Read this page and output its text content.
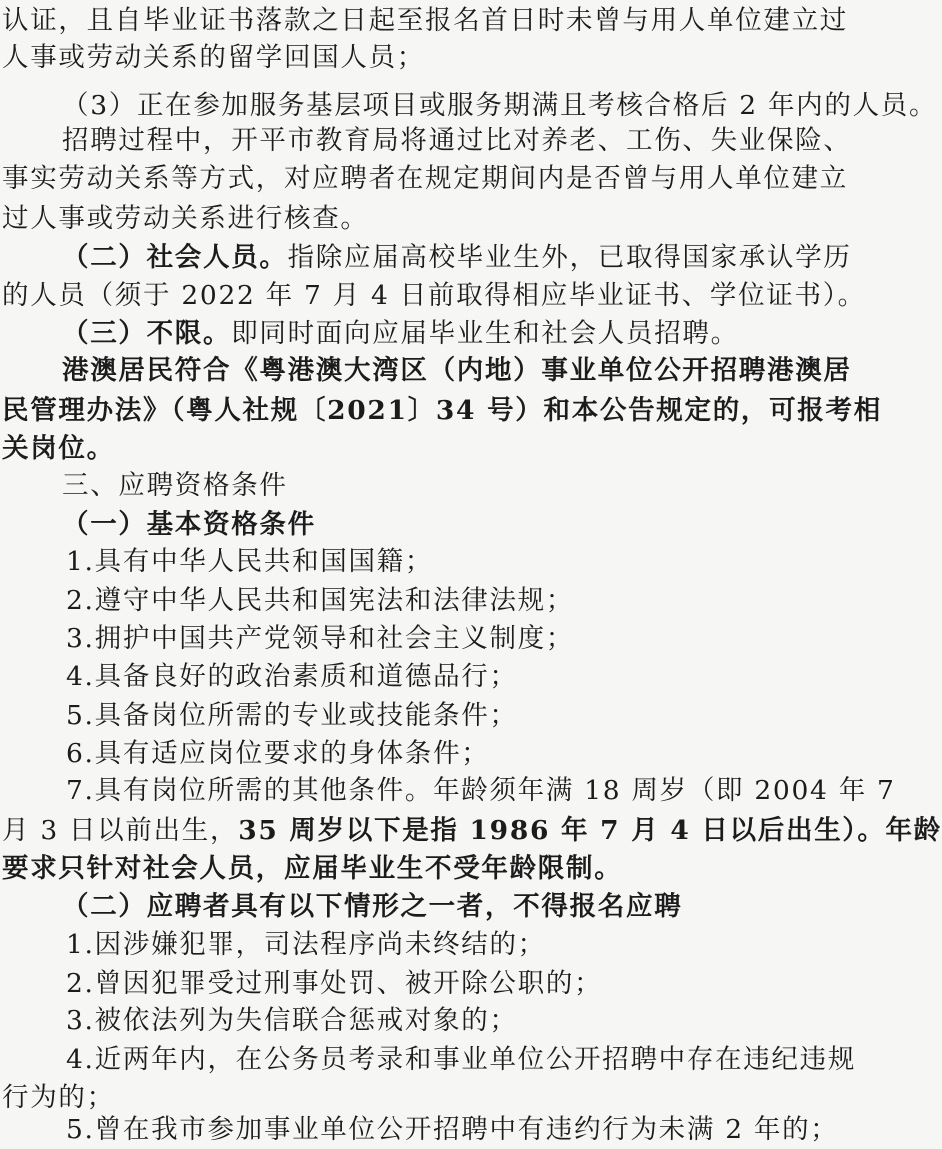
认证，且自毕业证书落款之日起至报名首日时未曾与用人单位建立过
人事或劳动关系的留学回国人员；
（3）正在参加服务基层项目或服务期满且考核合格后 2 年内的人员。
招聘过程中，开平市教育局将通过比对养老、工伤、失业保险、
事实劳动关系等方式，对应聘者在规定期间内是否曾与用人单位建立
过人事或劳动关系进行核查。
（二）社会人员。指除应届高校毕业生外，已取得国家承认学历
的人员（须于 2022 年 7 月 4 日前取得相应毕业证书、学位证书）。
（三）不限。即同时面向应届毕业生和社会人员招聘。
港澳居民符合《粤港澳大湾区（内地）事业单位公开招聘港澳居
民管理办法》（粤人社规〔2021〕34 号）和本公告规定的，可报考相
关岗位。
三、应聘资格条件
（一）基本资格条件
1.具有中华人民共和国国籍；
2.遵守中华人民共和国宪法和法律法规；
3.拥护中国共产党领导和社会主义制度；
4.具备良好的政治素质和道德品行；
5.具备岗位所需的专业或技能条件；
6.具有适应岗位要求的身体条件；
7.具有岗位所需的其他条件。年龄须年满 18 周岁（即 2004 年 7
月 3 日以前出生，35 周岁以下是指 1986 年 7 月 4 日以后出生）。年龄
要求只针对社会人员，应届毕业生不受年龄限制。
（二）应聘者具有以下情形之一者，不得报名应聘
1.因涉嫌犯罪，司法程序尚未终结的；
2.曾因犯罪受过刑事处罚、被开除公职的；
3.被依法列为失信联合惩戒对象的；
4.近两年内，在公务员考录和事业单位公开招聘中存在违纪违规
行为的；
5.曾在我市参加事业单位公开招聘中有违约行为未满 2 年的；
